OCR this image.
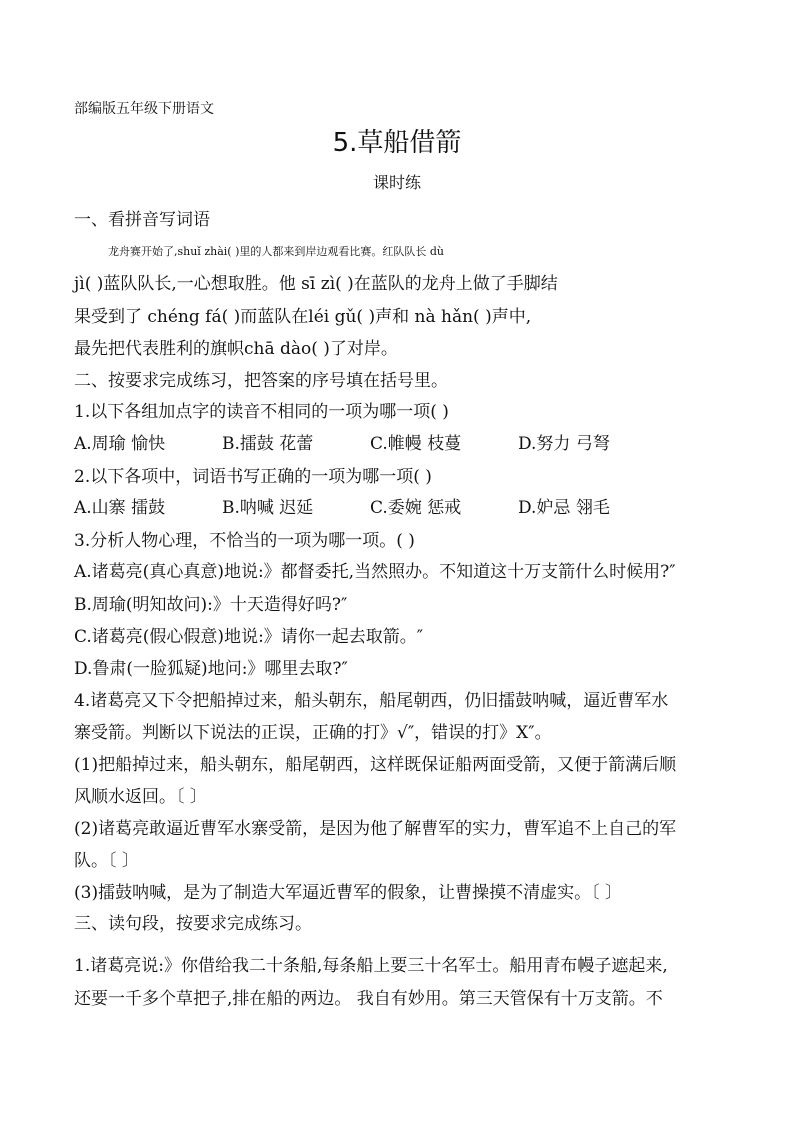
部编版五年级下册语文
5.草船借箭
课时练
一、看拼音写词语
龙舟赛开始了,shuǐ zhài( )里的人都来到岸边观看比赛。红队队长 dù
jì( )蓝队队长,一心想取胜。他 sī zì( )在蓝队的龙舟上做了手脚结
果受到了 chéng fá( )而蓝队在léi gǔ( )声和 nà hǎn( )声中,
最先把代表胜利的旗帜chā dào( )了对岸。
二、按要求完成练习，把答案的序号填在括号里。
1.以下各组加点字的读音不相同的一项为哪一项( )
A.周瑜 愉快	B.擂鼓 花蕾	C.帷幔 枝蔓	D.努力 弓弩
2.以下各项中，词语书写正确的一项为哪一项( )
A.山寨 擂鼓	B.呐喊 迟延	C.委婉 惩戒	D.妒忌 翎毛
3.分析人物心理，不恰当的一项为哪一项。( )
A.诸葛亮(真心真意)地说:》都督委托,当然照办。不知道这十万支箭什么时候用?″
B.周瑜(明知故问):》十天造得好吗?″
C.诸葛亮(假心假意)地说:》请你一起去取箭。″
D.鲁肃(一脸狐疑)地问:》哪里去取?″
4.诸葛亮又下令把船掉过来，船头朝东，船尾朝西，仍旧擂鼓呐喊，逼近曹军水
寨受箭。判断以下说法的正误，正确的打》√″，错误的打》X″。
(1)把船掉过来，船头朝东，船尾朝西，这样既保证船两面受箭，又便于箭满后顺
风顺水返回。〔 〕
(2)诸葛亮敢逼近曹军水寨受箭，是因为他了解曹军的实力，曹军追不上自己的军
队。〔 〕
(3)擂鼓呐喊，是为了制造大军逼近曹军的假象，让曹操摸不清虚实。〔 〕
三、读句段，按要求完成练习。
1.诸葛亮说:》你借给我二十条船,每条船上要三十名军士。船用青布幔子遮起来,
还要一千多个草把子,排在船的两边。 我自有妙用。第三天管保有十万支箭。不
